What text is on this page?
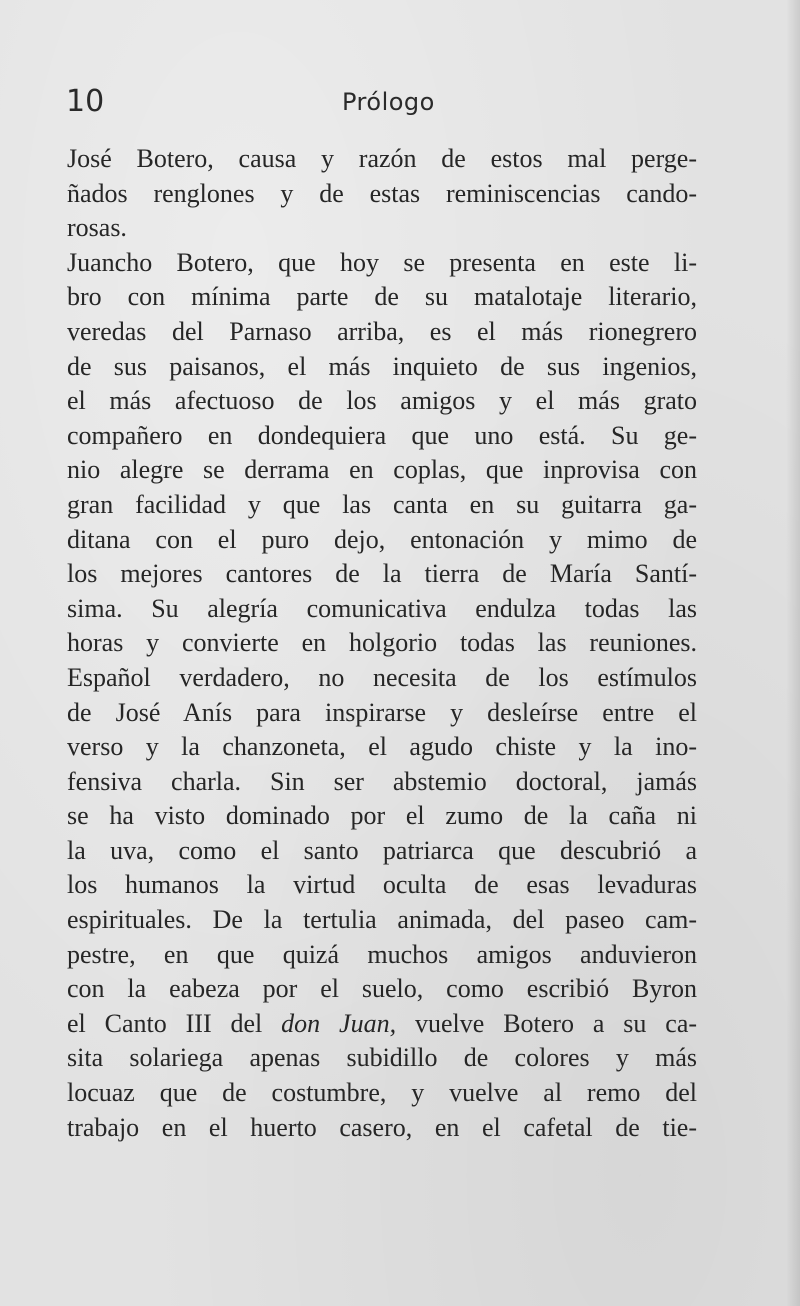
10	Prólogo
José Botero, causa y razón de estos mal perge-
ñados renglones y de estas reminiscencias cando-
rosas.
Juancho Botero, que hoy se presenta en este li-
bro con mínima parte de su matalotaje literario,
veredas del Parnaso arriba, es el más rionegrero
de sus paisanos, el más inquieto de sus ingenios,
el más afectuoso de los amigos y el más grato
compañero en dondequiera que uno está. Su ge-
nio alegre se derrama en coplas, que inprovisa con
gran facilidad y que las canta en su guitarra ga-
ditana con el puro dejo, entonación y mimo de
los mejores cantores de la tierra de María Santí-
sima. Su alegría comunicativa endulza todas las
horas y convierte en holgorio todas las reuniones.
Español verdadero, no necesita de los estímulos
de José Anís para inspirarse y desleírse entre el
verso y la chanzoneta, el agudo chiste y la ino-
fensiva charla. Sin ser abstemio doctoral, jamás
se ha visto dominado por el zumo de la caña ni
la uva, como el santo patriarca que descubrió a
los humanos la virtud oculta de esas levaduras
espirituales. De la tertulia animada, del paseo cam-
pestre, en que quizá muchos amigos anduvieron
con la eabeza por el suelo, como escribió Byron
el Canto III del don Juan, vuelve Botero a su ca-
sita solariega apenas subidillo de colores y más
locuaz que de costumbre, y vuelve al remo del
trabajo en el huerto casero, en el cafetal de tie-
